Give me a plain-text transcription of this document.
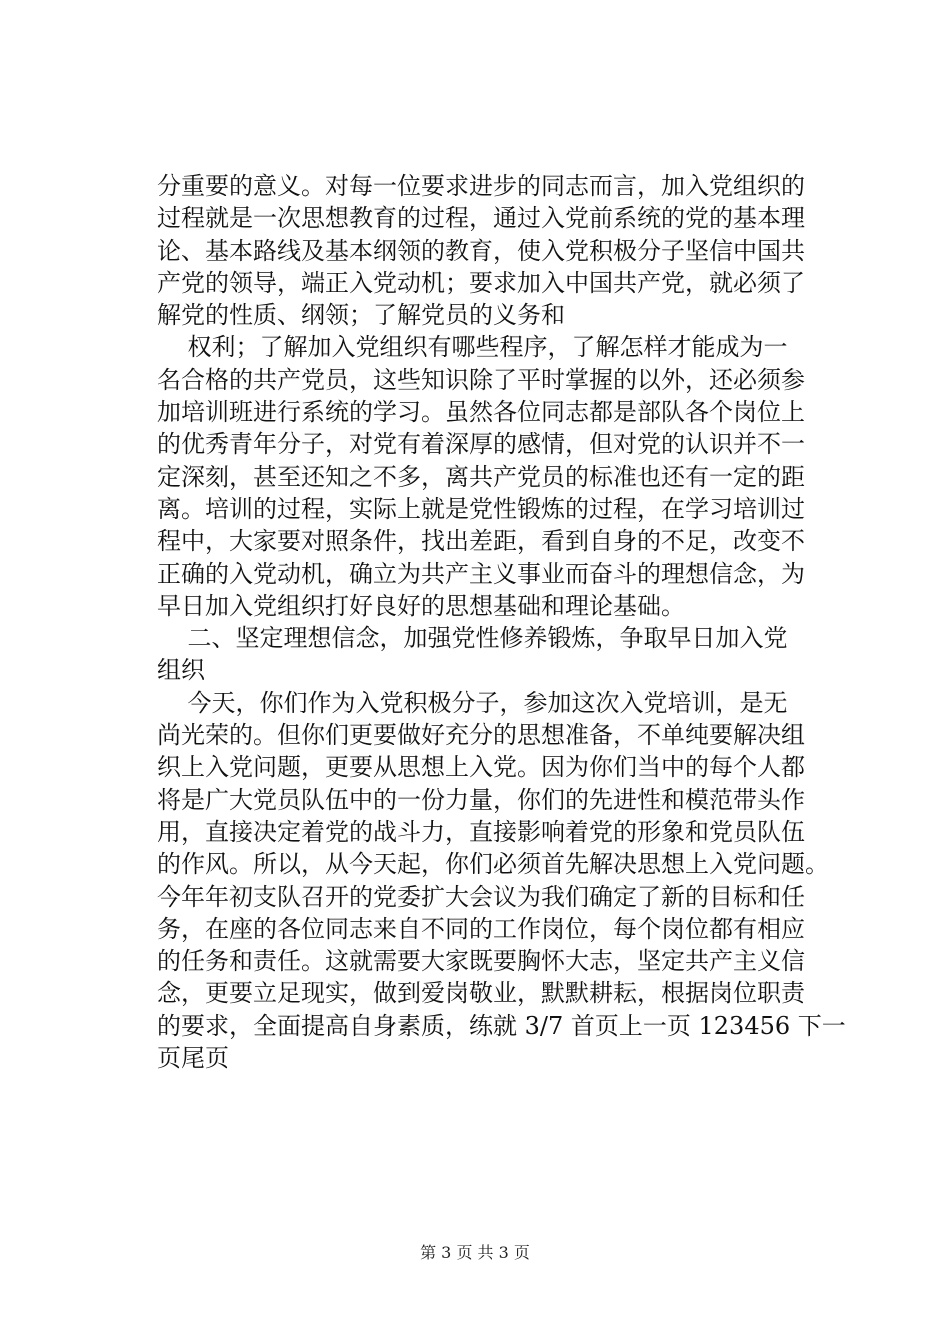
分重要的意义。对每一位要求进步的同志而言，加入党组织的
过程就是一次思想教育的过程，通过入党前系统的党的基本理
论、基本路线及基本纲领的教育，使入党积极分子坚信中国共
产党的领导，端正入党动机；要求加入中国共产党，就必须了
解党的性质、纲领；了解党员的义务和
权利；了解加入党组织有哪些程序，了解怎样才能成为一
名合格的共产党员，这些知识除了平时掌握的以外，还必须参
加培训班进行系统的学习。虽然各位同志都是部队各个岗位上
的优秀青年分子，对党有着深厚的感情，但对党的认识并不一
定深刻，甚至还知之不多，离共产党员的标准也还有一定的距
离。培训的过程，实际上就是党性锻炼的过程，在学习培训过
程中，大家要对照条件，找出差距，看到自身的不足，改变不
正确的入党动机，确立为共产主义事业而奋斗的理想信念，为
早日加入党组织打好良好的思想基础和理论基础。
二、坚定理想信念，加强党性修养锻炼，争取早日加入党
组织
今天，你们作为入党积极分子，参加这次入党培训，是无
尚光荣的。但你们更要做好充分的思想准备，不单纯要解决组
织上入党问题，更要从思想上入党。因为你们当中的每个人都
将是广大党员队伍中的一份力量，你们的先进性和模范带头作
用，直接决定着党的战斗力，直接影响着党的形象和党员队伍
的作风。所以，从今天起，你们必须首先解决思想上入党问题。
今年年初支队召开的党委扩大会议为我们确定了新的目标和任
务，在座的各位同志来自不同的工作岗位，每个岗位都有相应
的任务和责任。这就需要大家既要胸怀大志，坚定共产主义信
念，更要立足现实，做到爱岗敬业，默默耕耘，根据岗位职责
的要求，全面提高自身素质，练就 3/7 首页上一页 123456 下一
页尾页
第 3 页 共 3 页
